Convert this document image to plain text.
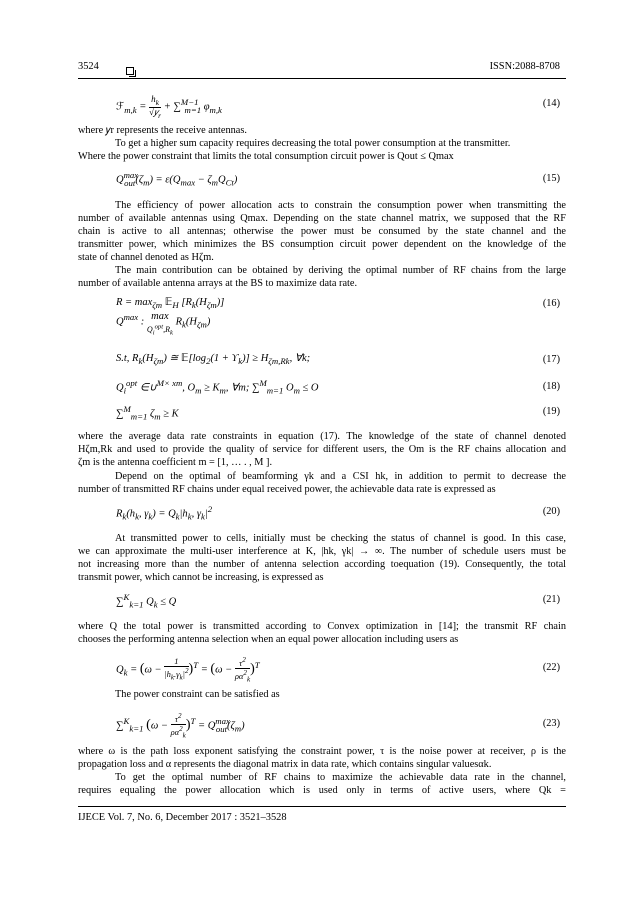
3524	ISSN:2088-8708
ℱ$_{m,k}$ =
$h_k$
√𝑦$_r$
+ ∑$^{M-1}_{m=1}$ $\varphi_{m,k}$
(14)
where 𝑦r represents the receive antennas.
To get a higher sum capacity requires decreasing the total power consumption at the transmitter.
Where the power constraint that limits the total consumption circuit power is Qout ≤ Qmax
$Q^{max}_{out}(\zeta_m) = \varepsilon(Q_{max} - \zeta_mQ_{Ct})$	(15)
The efficiency of power allocation acts to constrain the consumption power when transmitting the
number of available antennas using Qmax. Depending on the state channel matrix, we supposed that the RF
chain is active to all antennas; otherwise the power must be consumed by the state channel and the
transmitter power, which minimizes the BS consumption circuit power dependent on the knowledge of the
state of channel denoted as Hζm.
The main contribution can be obtained by deriving the optimal number of RF chains from the large
number of available antenna arrays at the BS to maximize data rate.
$R = \max_{\zeta m}$ 𝔼$_H$ $[R_k(H_{\zeta m})]$	(16)
$Q^{max}$ : max
$Q_i^{opt},R_k$ $R_k(H_{\zeta m})$
S.t, $R_k(H_{\zeta m})$ ≅ $𝔼[\log_2(1 + ϒ_k)] \ge H_{\zeta m,Rk}$, ∀k;	(17)
$Q_i^{opt}$ ∈∪$^{M\times xm}$, $O_m \ge K_m$, ∀m; ∑$^M_{m=1}$ $O_m \le O$	(18)
∑$^M_{m=1}$ $\zeta_m \ge K$	(19)
where the average data rate constraints in equation (17). The knowledge of the state of channel denoted
Hζm,Rk and used to provide the quality of service for different users, the Om is the RF chains allocation and
ζm is the antenna coefficient m = [1, … . , M ].
Depend on the optimal of beamforming γk and a CSI hk, in addition to permit to decrease the
number of transmitted RF chains under equal received power, the achievable data rate is expressed as
$R_k(h_k$, $\gamma_k) = Q_k|h_k$, $\gamma_k|^2$	(20)
At transmitted power to cells, initially must be checking the status of channel is good. In this case,
we can approximate the multi-user interference at K, |hk, γk| → ∞. The number of schedule users must be
not increasing more than the number of antenna selection according toequation (19). Consequently, the total
transmit power, which cannot be increasing, is expressed as
∑$^K_{k=1}$ $Q_k \le Q$	(21)
where Q the total power is transmitted according to Convex optimization in [14]; the transmit RF chain
chooses the performing antenna selection when an equal power allocation including users as
$Q_k = (\omega - \frac{1}{|h_k.\gamma_k|^2} )^T = (\omega - \frac{\tau^2}{\rho\alpha^2_k} )^T$	(22)
The power constraint can be satisfied as
∑$^K_{k=1}$ $(\omega - \frac{\tau^2}{\rho\alpha^2_k} )^T = Q^{max}_{out}(\zeta_m)$	(23)
where ω is the path loss exponent satisfying the constraint power, τ is the noise power at receiver, ρ is the
propagation loss and α represents the diagonal matrix in data rate, which contains singular valuesαk.
To get the optimal number of RF chains to maximize the achievable data rate in the channel,
requires equaling the power allocation which is used only in terms of active users, where Qk =
IJECE Vol. 7, No. 6, December 2017 : 3521–3528
